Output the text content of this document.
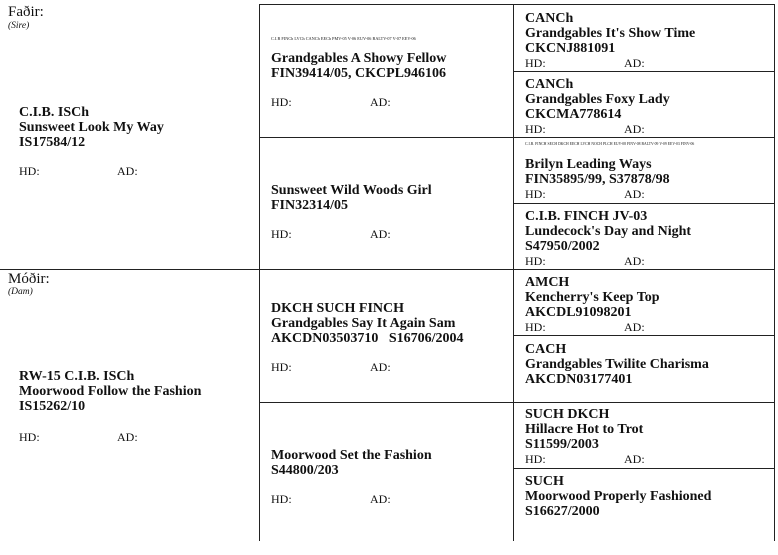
Faðir:
(Sire)
C.I.B. ISCh
Sunsweet Look My Way
IS17584/12
HD:	AD:
Móðir:
(Dam)
RW-15 C.I.B. ISCh
Moorwood Follow the Fashion
IS15262/10
HD:	AD:
C.I.B FINCh LVCh CANCh EECh PMV-05 V-06 EUV-06 BALTV-07 V-07 EEV-06
Grandgables A Showy Fellow
FIN39414/05, CKCPL946106
HD:	AD:
Sunsweet Wild Woods Girl
FIN32314/05
HD:	AD:
DKCH SUCH FINCH
Grandgables Say It Again Sam
AKCDN03503710   S16706/2004
HD:	AD:
Moorwood Set the Fashion
S44800/203
HD:	AD:
CANCh
Grandgables It's Show Time
CKCNJ881091
HD:	AD:
CANCh
Grandgables Foxy Lady
CKCMA778614
HD:	AD:
C.I.B. FINCH SECH DKCH EECH LVCH NOCH PLCH EUV-08 FINV-08 BALTV-09 V-09 EEV-03 FINV-06
Brilyn Leading Ways
FIN35895/99, S37878/98
HD:	AD:
C.I.B. FINCH JV-03
Lundecock's Day and Night
S47950/2002
HD:	AD:
AMCH
Kencherry's Keep Top
AKCDL91098201
HD:	AD:
CACH
Grandgables Twilite Charisma
AKCDN03177401
SUCH DKCH
Hillacre Hot to Trot
S11599/2003
HD:	AD:
SUCH
Moorwood Properly Fashioned
S16627/2000
